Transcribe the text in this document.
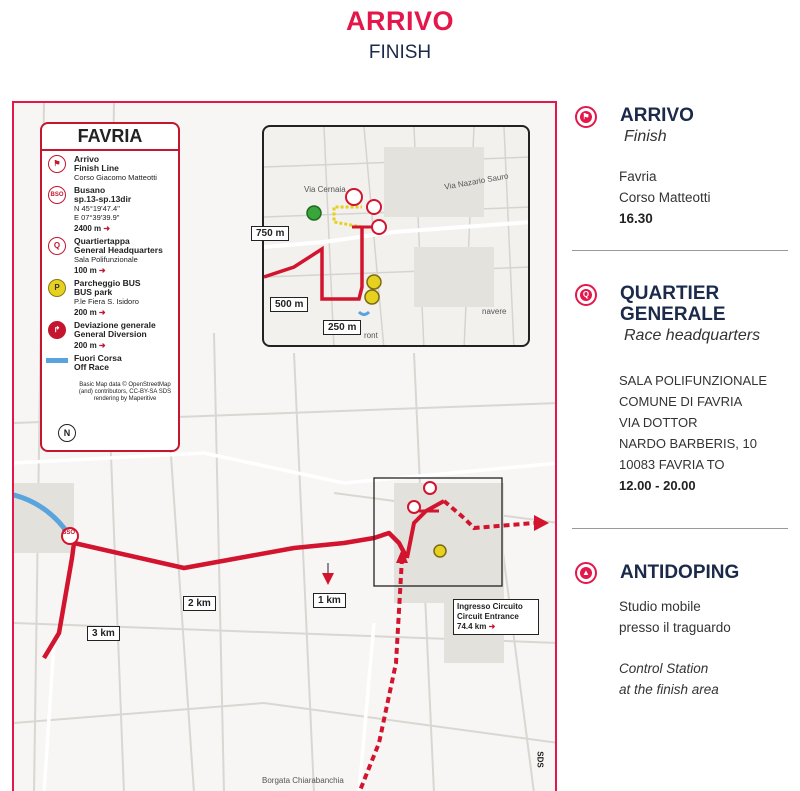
ARRIVO
FINISH
2 km	1 km
3 km
BSO
Borgata Chiarabanchia
SDS
Ingresso Circuito
Circuit Entrance
74.4 km ➜
FAVRIA
⚑	Arrivo
Finish Line
Corso Giacomo Matteotti
BSO Busano
sp.13-sp.13dir
N 45°19'47.4"
E 07°39'39.9"
2400 m ➜
Q	Quartiertappa
General Headquarters
Sala Polifunzionale
100 m ➜
P	Parcheggio BUS
BUS park
P.le Fiera S. Isidoro
200 m ➜
↱	Deviazione generale
General Diversion
200 m ➜
Fuori Corsa
Off Race
Basic Map data © OpenStreetMap (and) contributors, CC-BY-SA SDS rendering by Maperitive
N
Via Cernaia	Via Nazario Sauro
navere
ront
750 m
500 m
250 m
⚑ ARRIVO
Finish
Favria
Corso Matteotti
16.30
Q QUARTIER
GENERALE
Race headquarters
SALA POLIFUNZIONALE
COMUNE DI FAVRIA
VIA DOTTOR
NARDO BARBERIS, 10
10083 FAVRIA TO
12.00 - 20.00
▲ ANTIDOPING
Studio mobile
presso il traguardo
Control Station
at the finish area
